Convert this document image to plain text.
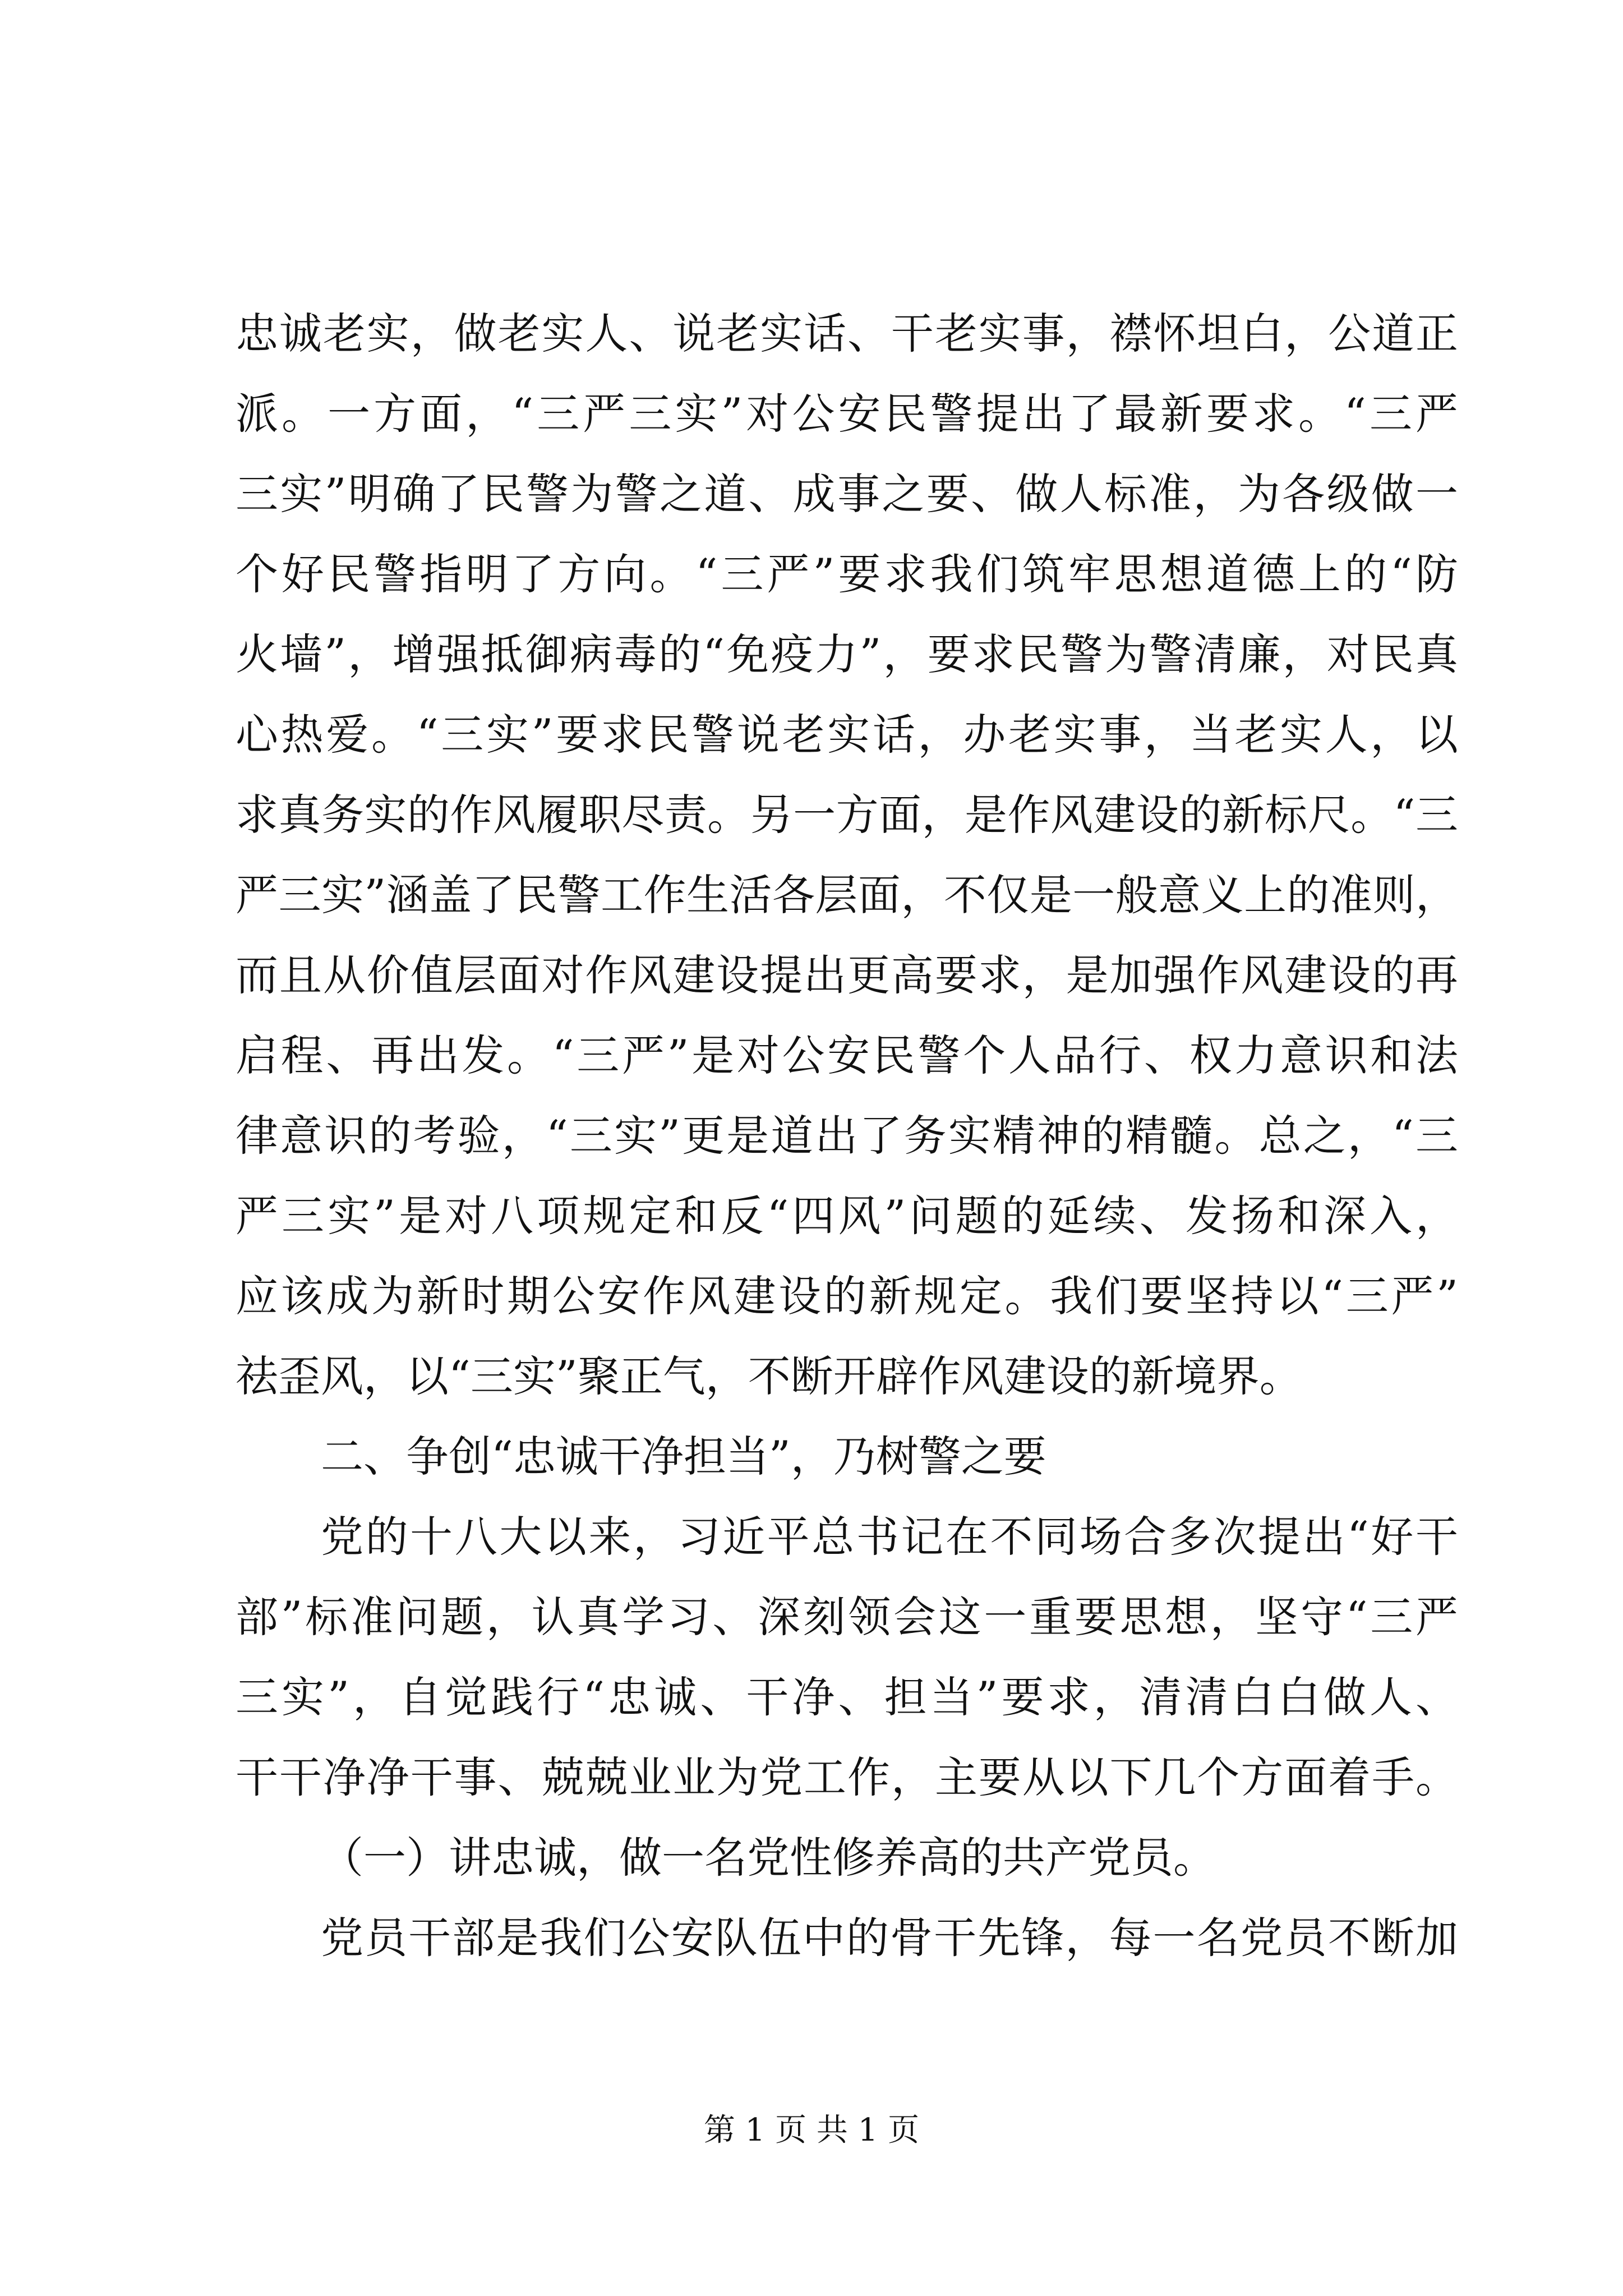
忠诚老实，做老实人、说老实话、干老实事，襟怀坦白，公道正
派。一方面，“三严三实”对公安民警提出了最新要求。“三严
三实”明确了民警为警之道、成事之要、做人标准，为各级做一
个好民警指明了方向。“三严”要求我们筑牢思想道德上的“防
火墙”，增强抵御病毒的“免疫力”，要求民警为警清廉，对民真
心热爱。“三实”要求民警说老实话，办老实事，当老实人，以
求真务实的作风履职尽责。另一方面，是作风建设的新标尺。“三
严三实”涵盖了民警工作生活各层面，不仅是一般意义上的准则，
而且从价值层面对作风建设提出更高要求，是加强作风建设的再
启程、再出发。“三严”是对公安民警个人品行、权力意识和法
律意识的考验，“三实”更是道出了务实精神的精髓。总之，“三
严三实”是对八项规定和反“四风”问题的延续、发扬和深入，
应该成为新时期公安作风建设的新规定。我们要坚持以“三严”
祛歪风，以“三实”聚正气，不断开辟作风建设的新境界。
二、争创“忠诚干净担当”，乃树警之要
党的十八大以来，习近平总书记在不同场合多次提出“好干
部”标准问题，认真学习、深刻领会这一重要思想，坚守“三严
三实”，自觉践行“忠诚、干净、担当”要求，清清白白做人、
干干净净干事、兢兢业业为党工作，主要从以下几个方面着手。
（一）讲忠诚，做一名党性修养高的共产党员。
党员干部是我们公安队伍中的骨干先锋，每一名党员不断加
第 1 页 共 1 页
